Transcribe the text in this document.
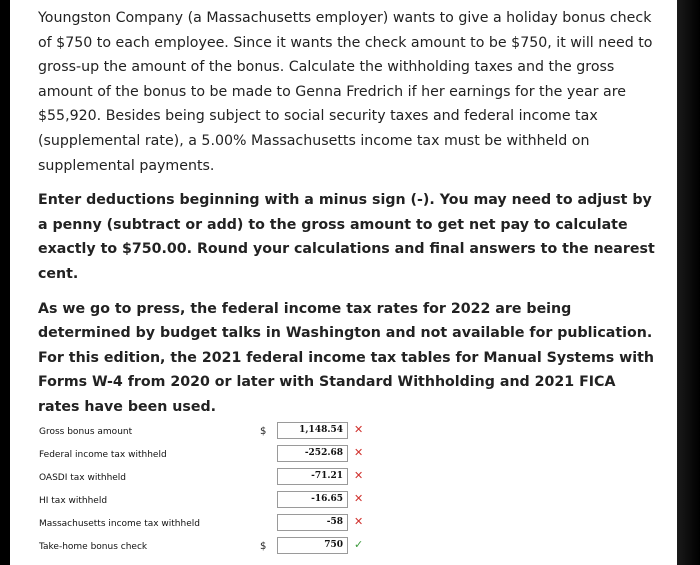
Youngston Company (a Massachusetts employer) wants to give a holiday bonus check of $750 to each employee. Since it wants the check amount to be $750, it will need to gross-up the amount of the bonus. Calculate the withholding taxes and the gross amount of the bonus to be made to Genna Fredrich if her earnings for the year are $55,920. Besides being subject to social security taxes and federal income tax (supplemental rate), a 5.00% Massachusetts income tax must be withheld on supplemental payments.

Enter deductions beginning with a minus sign (-). You may need to adjust by a penny (subtract or add) to the gross amount to get net pay to calculate exactly to $750.00. Round your calculations and final answers to the nearest cent.

As we go to press, the federal income tax rates for 2022 are being determined by budget talks in Washington and not available for publication. For this edition, the 2021 federal income tax tables for Manual Systems with Forms W-4 from 2020 or later with Standard Withholding and 2021 FICA rates have been used.

Gross bonus amount	$	1,148.54	✕
Federal income tax withheld	-252.68	✕
OASDI tax withheld	-71.21	✕
HI tax withheld	-16.65	✕
Massachusetts income tax withheld	-58	✕
Take-home bonus check	$	750	✓
